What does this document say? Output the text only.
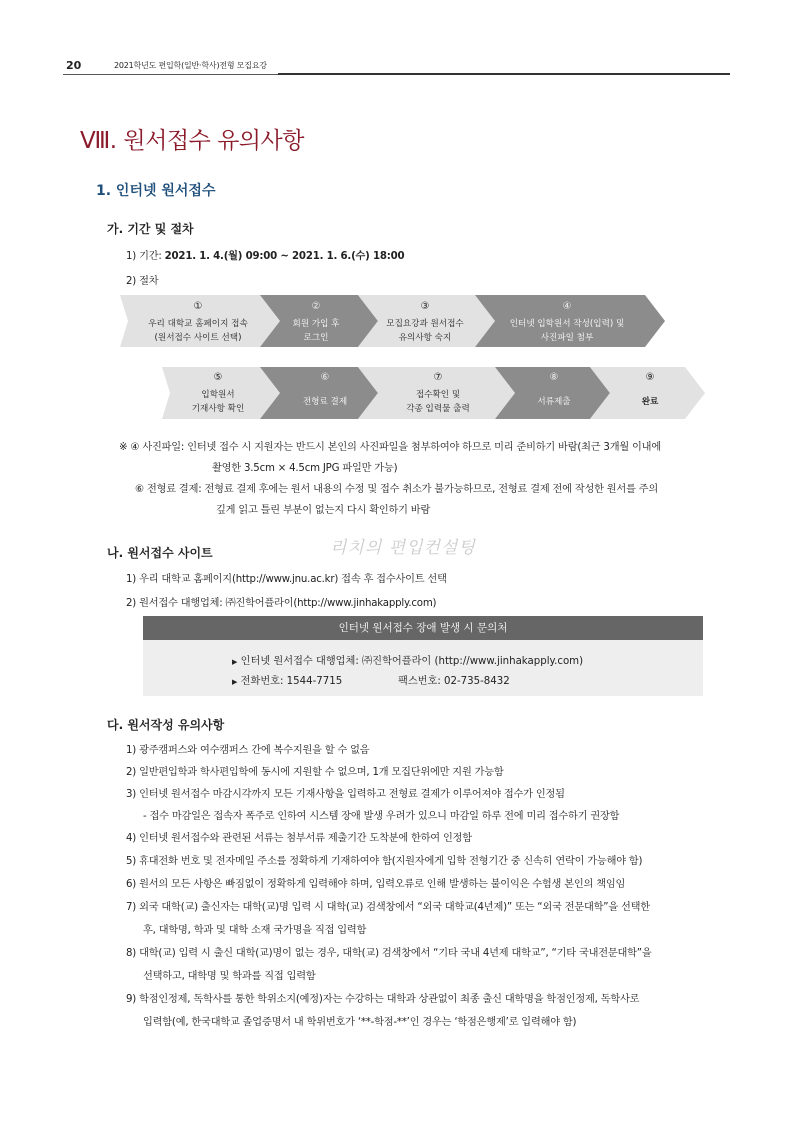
20	2021학년도 편입학(일반·학사)전형 모집요강
Ⅷ. 원서접수 유의사항
1. 인터넷 원서접수
가. 기간 및 절차
1) 기간: 2021. 1. 4.(월) 09:00 ~ 2021. 1. 6.(수) 18:00
2) 절차
①
우리 대학교 홈페이지 접속
(원서접수 사이트 선택)
②
회원 가입 후
로그인
③
모집요강과 원서접수
유의사항 숙지
④
인터넷 입학원서 작성(입력) 및
사진파일 첨부
⑤
입학원서
기재사항 확인
⑥
전형료 결제
⑦
접수확인 및
각종 입력물 출력
⑧
서류제출
⑨
완료
※ ④ 사진파일: 인터넷 접수 시 지원자는 반드시 본인의 사진파일을 첨부하여야 하므로 미리 준비하기 바람(최근 3개월 이내에
촬영한 3.5cm × 4.5cm JPG 파일만 가능)
⑥ 전형료 결제: 전형료 결제 후에는 원서 내용의 수정 및 접수 취소가 불가능하므로, 전형료 결제 전에 작성한 원서를 주의
깊게 읽고 틀린 부분이 없는지 다시 확인하기 바람
리치의 편입컨설팅
나. 원서접수 사이트
1) 우리 대학교 홈페이지(http://www.jnu.ac.kr) 접속 후 접수사이트 선택
2) 원서접수 대행업체: ㈜진학어플라이(http://www.jinhakapply.com)
인터넷 원서접수 장애 발생 시 문의처
▶ 인터넷 원서접수 대행업체: ㈜진학어플라이 (http://www.jinhakapply.com)
▶ 전화번호: 1544-7715	팩스번호: 02-735-8432
다. 원서작성 유의사항
1) 광주캠퍼스와 여수캠퍼스 간에 복수지원을 할 수 없음
2) 일반편입학과 학사편입학에 동시에 지원할 수 없으며, 1개 모집단위에만 지원 가능함
3) 인터넷 원서접수 마감시각까지 모든 기재사항을 입력하고 전형료 결제가 이루어져야 접수가 인정됨
- 접수 마감일은 접속자 폭주로 인하여 시스템 장애 발생 우려가 있으니 마감일 하루 전에 미리 접수하기 권장함
4) 인터넷 원서접수와 관련된 서류는 첨부서류 제출기간 도착분에 한하여 인정함
5) 휴대전화 번호 및 전자메일 주소를 정확하게 기재하여야 함(지원자에게 입학 전형기간 중 신속히 연락이 가능해야 함)
6) 원서의 모든 사항은 빠짐없이 정확하게 입력해야 하며, 입력오류로 인해 발생하는 불이익은 수험생 본인의 책임임
7) 외국 대학(교) 출신자는 대학(교)명 입력 시 대학(교) 검색창에서 “외국 대학교(4년제)” 또는 “외국 전문대학”을 선택한
후, 대학명, 학과 및 대학 소재 국가명을 직접 입력함
8) 대학(교) 입력 시 출신 대학(교)명이 없는 경우, 대학(교) 검색창에서 “기타 국내 4년제 대학교”, “기타 국내전문대학”을
선택하고, 대학명 및 학과를 직접 입력함
9) 학점인정제, 독학사를 통한 학위소지(예정)자는 수강하는 대학과 상관없이 최종 출신 대학명을 학점인정제, 독학사로
입력함(예, 한국대학교 졸업증명서 내 학위번호가 ‘**-학점-**’인 경우는 ‘학점은행제’로 입력해야 함)
